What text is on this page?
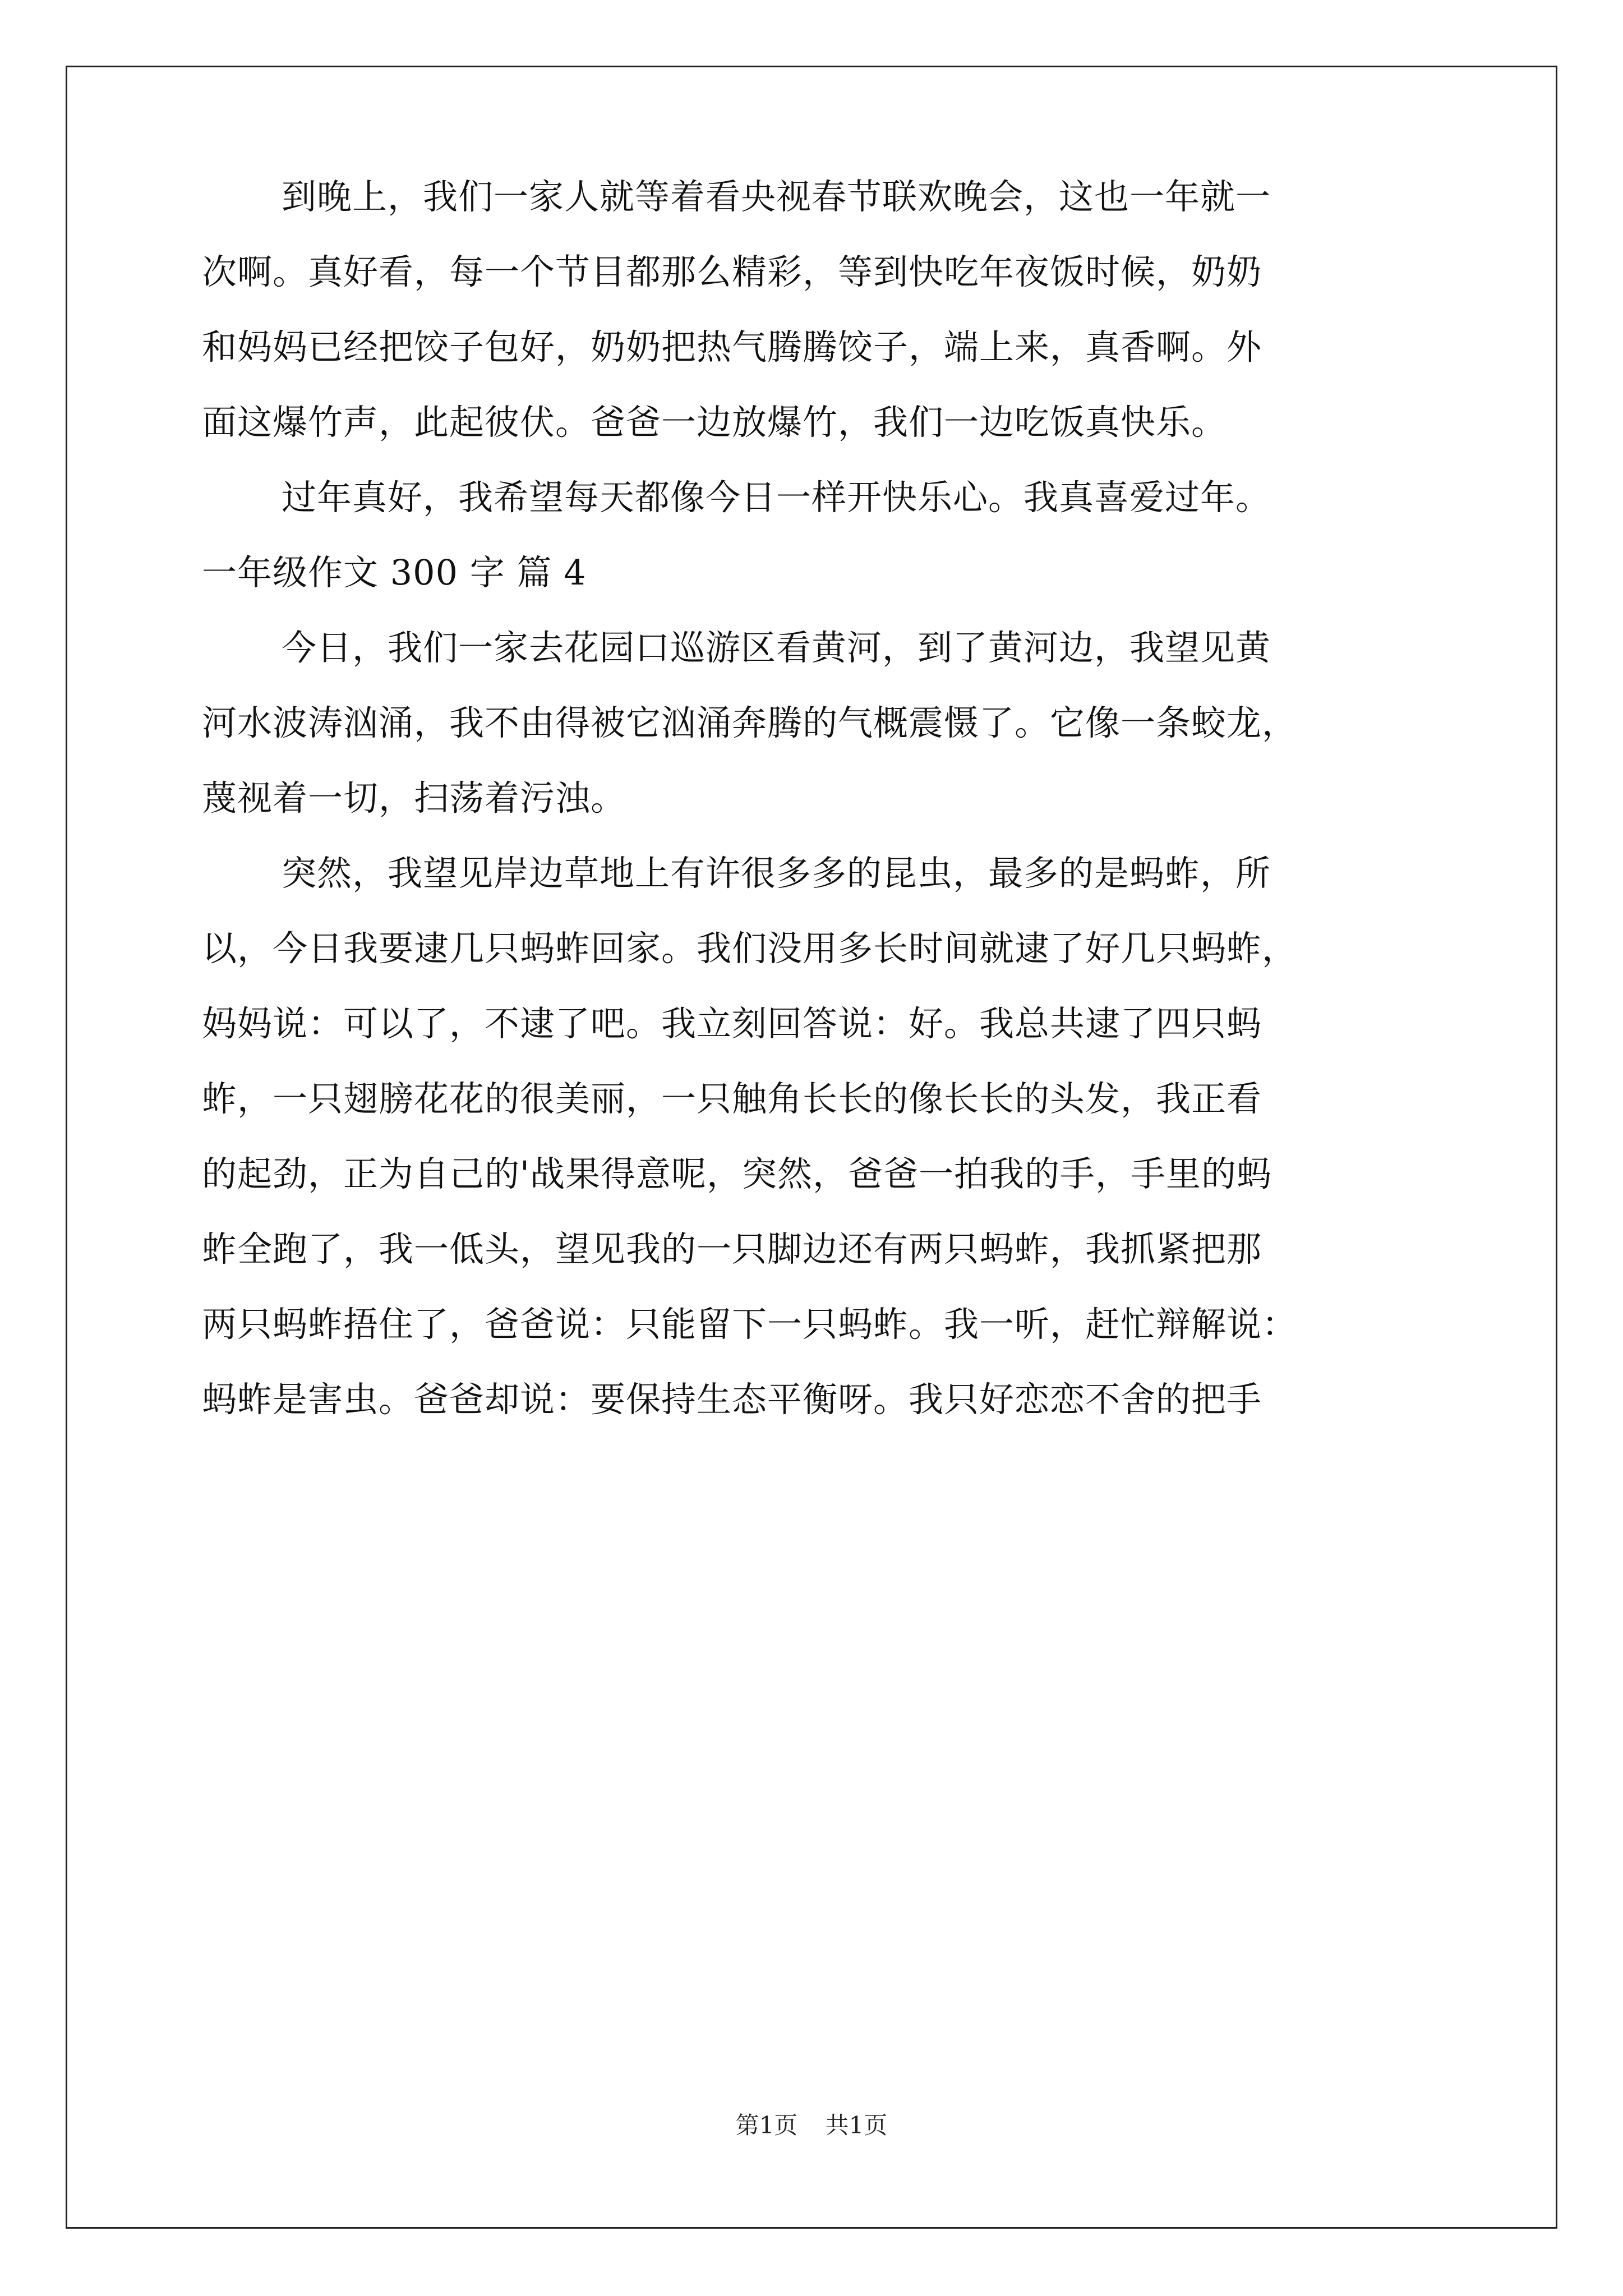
到晚上，我们一家人就等着看央视春节联欢晚会，这也一年就一

次啊。真好看，每一个节目都那么精彩，等到快吃年夜饭时候，奶奶

和妈妈已经把饺子包好，奶奶把热气腾腾饺子，端上来，真香啊。外

面这爆竹声，此起彼伏。爸爸一边放爆竹，我们一边吃饭真快乐。

过年真好，我希望每天都像今日一样开快乐心。我真喜爱过年。

一年级作文 300 字 篇 4

今日，我们一家去花园口巡游区看黄河，到了黄河边，我望见黄

河水波涛汹涌，我不由得被它汹涌奔腾的气概震慑了。它像一条蛟龙，

蔑视着一切，扫荡着污浊。

突然，我望见岸边草地上有许很多多的昆虫，最多的是蚂蚱，所

以，今日我要逮几只蚂蚱回家。我们没用多长时间就逮了好几只蚂蚱，

妈妈说：可以了，不逮了吧。我立刻回答说：好。我总共逮了四只蚂

蚱，一只翅膀花花的很美丽，一只触角长长的像长长的头发，我正看

的起劲，正为自己的'战果得意呢，突然，爸爸一拍我的手，手里的蚂

蚱全跑了，我一低头，望见我的一只脚边还有两只蚂蚱，我抓紧把那

两只蚂蚱捂住了，爸爸说：只能留下一只蚂蚱。我一听，赶忙辩解说：

蚂蚱是害虫。爸爸却说：要保持生态平衡呀。我只好恋恋不舍的把手

第1页 共1页
